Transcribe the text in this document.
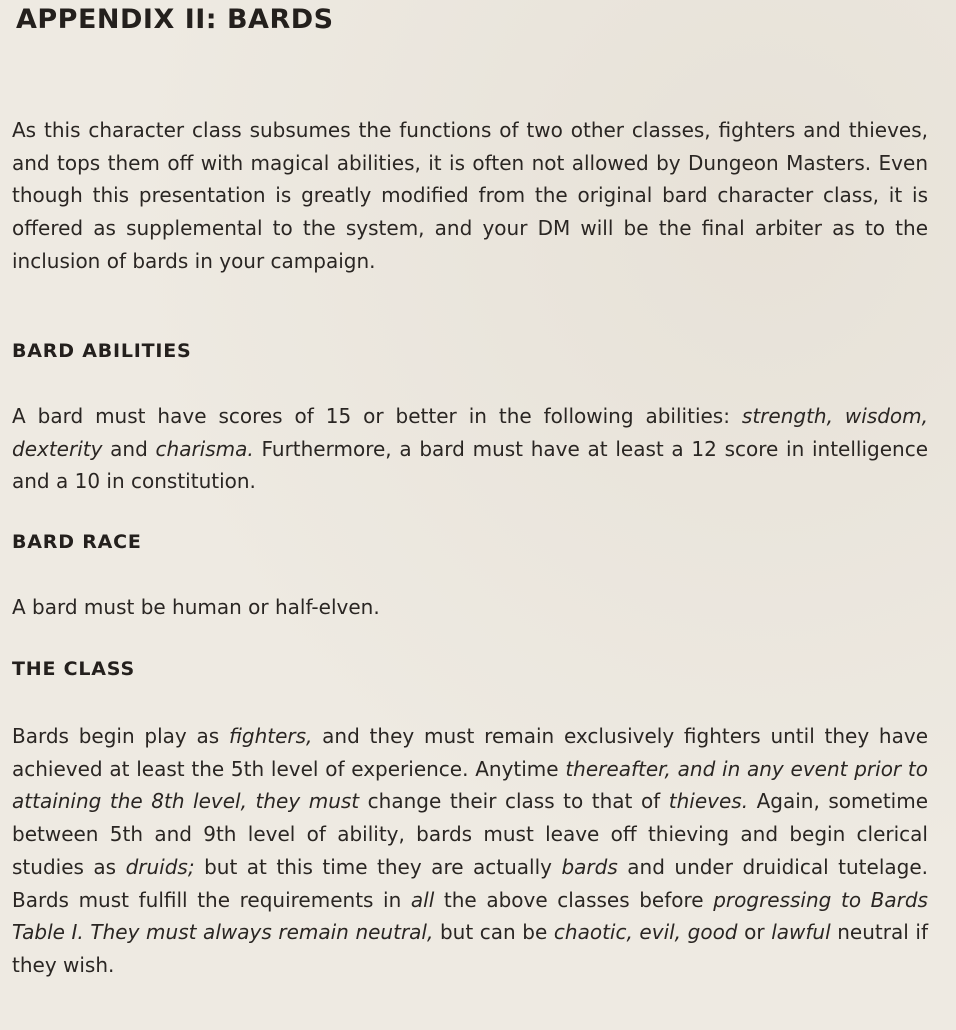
APPENDIX II: BARDS

As this character class subsumes the functions of two other classes, fighters and thieves, and tops them off with magical abilities, it is often not allowed by Dungeon Masters. Even though this presentation is greatly modified from the original bard character class, it is offered as supplemental to the system, and your DM will be the final arbiter as to the inclusion of bards in your campaign.

BARD ABILITIES

A bard must have scores of 15 or better in the following abilities: strength, wisdom, dexterity and charisma. Furthermore, a bard must have at least a 12 score in intelligence and a 10 in constitution.

BARD RACE

A bard must be human or half-elven.

THE CLASS

Bards begin play as fighters, and they must remain exclusively fighters until they have achieved at least the 5th level of experience. Anytime thereafter, and in any event prior to attaining the 8th level, they must change their class to that of thieves. Again, sometime between 5th and 9th level of ability, bards must leave off thieving and begin clerical studies as druids; but at this time they are actually bards and under druidical tutelage. Bards must fulfill the requirements in all the above classes before progressing to Bards Table I. They must always remain neutral, but can be chaotic, evil, good or lawful neutral if they wish.
